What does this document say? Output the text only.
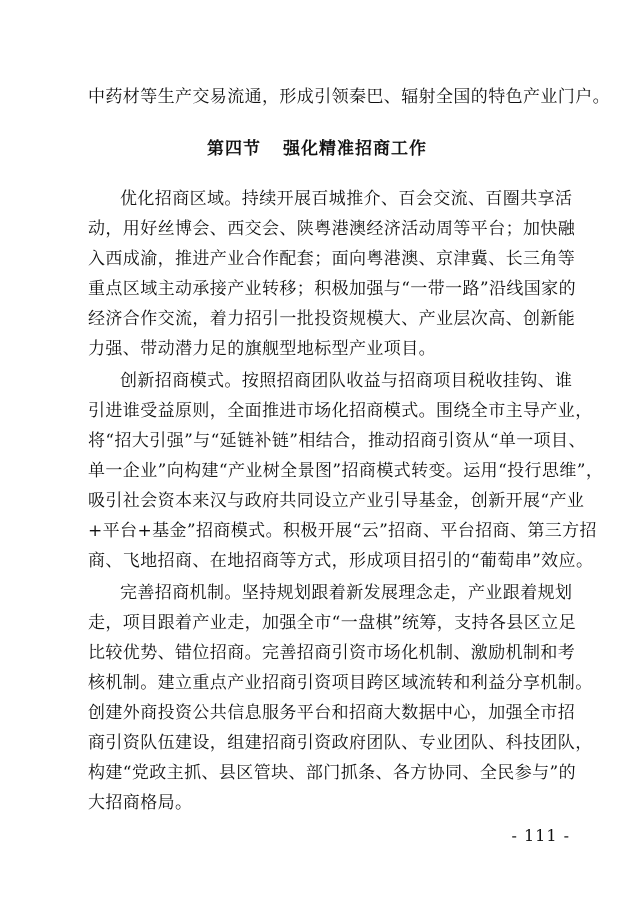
中药材等生产交易流通，形成引领秦巴、辐射全国的特色产业门户。
第四节 强化精准招商工作
优化招商区域。持续开展百城推介、百会交流、百圈共享活
动，用好丝博会、西交会、陕粤港澳经济活动周等平台；加快融
入西成渝，推进产业合作配套；面向粤港澳、京津冀、长三角等
重点区域主动承接产业转移；积极加强与“一带一路”沿线国家的
经济合作交流，着力招引一批投资规模大、产业层次高、创新能
力强、带动潜力足的旗舰型地标型产业项目。
创新招商模式。按照招商团队收益与招商项目税收挂钩、谁
引进谁受益原则，全面推进市场化招商模式。围绕全市主导产业，
将“招大引强”与“延链补链”相结合，推动招商引资从“单一项目、
单一企业”向构建“产业树全景图”招商模式转变。运用“投行思维”，
吸引社会资本来汉与政府共同设立产业引导基金，创新开展“产业
+平台+基金”招商模式。积极开展“云”招商、平台招商、第三方招
商、飞地招商、在地招商等方式，形成项目招引的“葡萄串”效应。
完善招商机制。坚持规划跟着新发展理念走，产业跟着规划
走，项目跟着产业走，加强全市“一盘棋”统筹，支持各县区立足
比较优势、错位招商。完善招商引资市场化机制、激励机制和考
核机制。建立重点产业招商引资项目跨区域流转和利益分享机制。
创建外商投资公共信息服务平台和招商大数据中心，加强全市招
商引资队伍建设，组建招商引资政府团队、专业团队、科技团队，
构建“党政主抓、县区管块、部门抓条、各方协同、全民参与”的
大招商格局。
- 111 -
